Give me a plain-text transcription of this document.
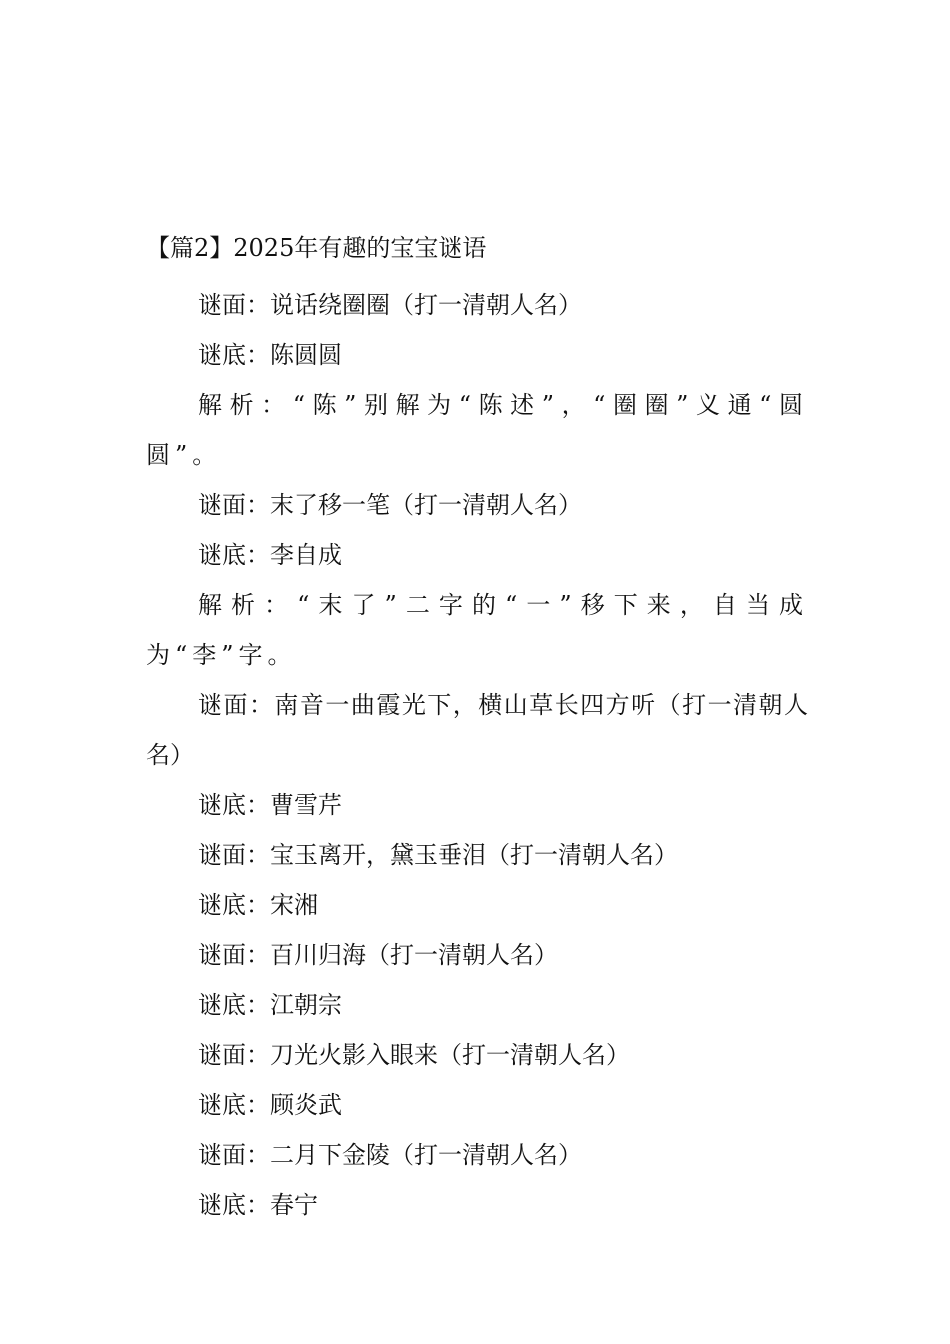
【篇2】2025年有趣的宝宝谜语

谜面：说话绕圈圈（打一清朝人名）

谜底：陈圆圆

解析：“陈”别解为“陈述”，“圈圈”义通“圆圆”。

谜面：末了移一笔（打一清朝人名）

谜底：李自成

解析：“末了”二字的“一”移下来，自当成为“李”字。

谜面：南音一曲霞光下，横山草长四方听（打一清朝人名）

谜底：曹雪芹

谜面：宝玉离开，黛玉垂泪（打一清朝人名）

谜底：宋湘

谜面：百川归海（打一清朝人名）

谜底：江朝宗

谜面：刀光火影入眼来（打一清朝人名）

谜底：顾炎武

谜面：二月下金陵（打一清朝人名）

谜底：春宁
